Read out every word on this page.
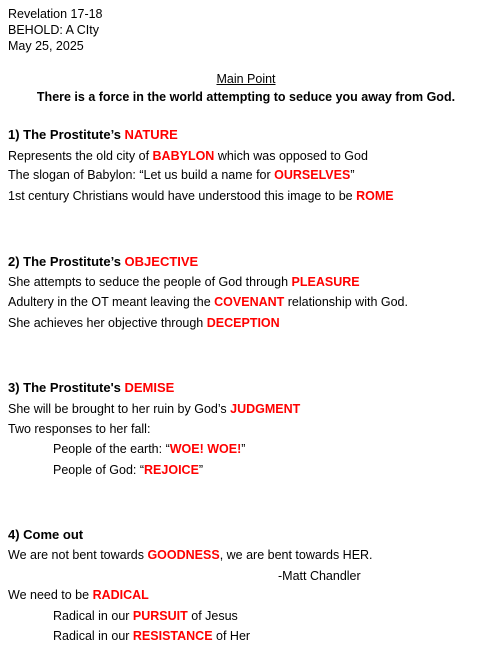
Revelation 17-18
BEHOLD: A CIty
May 25, 2025
Main Point
There is a force in the world attempting to seduce you away from God.
1) The Prostitute’s NATURE
Represents the old city of BABYLON which was opposed to God
The slogan of Babylon: “Let us build a name for OURSELVES”
1st century Christians would have understood this image to be ROME
2) The Prostitute’s OBJECTIVE
She attempts to seduce the people of God through PLEASURE
Adultery in the OT meant leaving the COVENANT relationship with God.
She achieves her objective through DECEPTION
3) The Prostitute's DEMISE
She will be brought to her ruin by God’s JUDGMENT
Two responses to her fall:
People of the earth: “WOE! WOE!”
People of God: “REJOICE”
4) Come out
We are not bent towards GOODNESS, we are bent towards HER.
-Matt Chandler
We need to be RADICAL
Radical in our PURSUIT of Jesus
Radical in our RESISTANCE of Her
